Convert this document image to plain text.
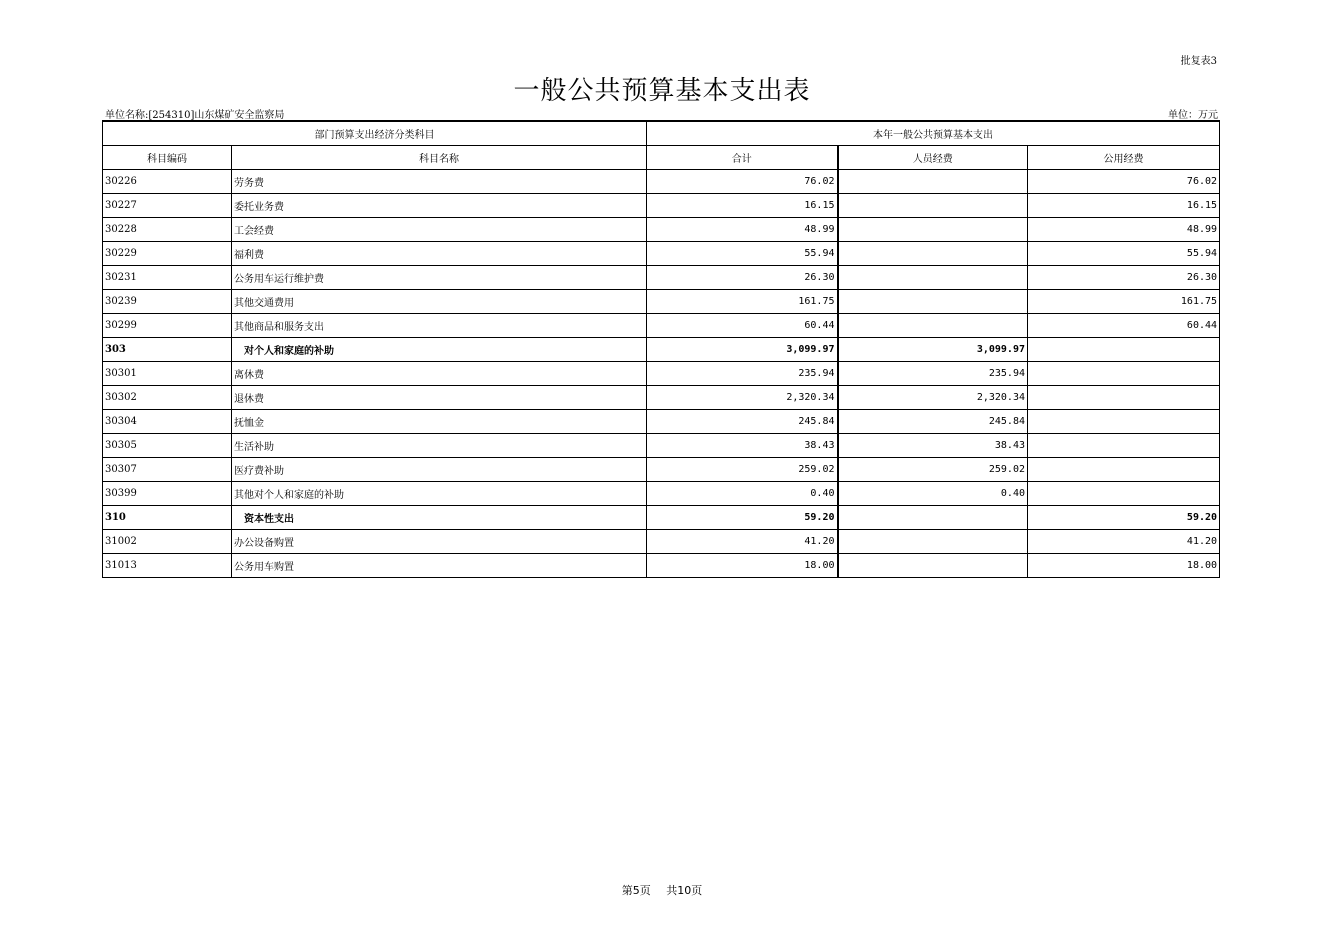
批复表3
一般公共预算基本支出表
单位名称:[254310]山东煤矿安全监察局	单位：万元
部门预算支出经济分类科目		本年一般公共预算基本支出		
科目编码	科目名称	合计	人员经费	公用经费
30226	劳务费	76.02		76.02
30227	委托业务费	16.15		16.15
30228	工会经费	48.99		48.99
30229	福利费	55.94		55.94
30231	公务用车运行维护费	26.30		26.30
30239	其他交通费用	161.75		161.75
30299	其他商品和服务支出	60.44		60.44
303	对个人和家庭的补助	3,099.97	3,099.97	
30301	离休费	235.94	235.94	
30302	退休费	2,320.34	2,320.34	
30304	抚恤金	245.84	245.84	
30305	生活补助	38.43	38.43	
30307	医疗费补助	259.02	259.02	
30399	其他对个人和家庭的补助	0.40	0.40	
310	资本性支出	59.20		59.20
31002	办公设备购置	41.20		41.20
31013	公务用车购置	18.00		18.00
第5页 共10页
